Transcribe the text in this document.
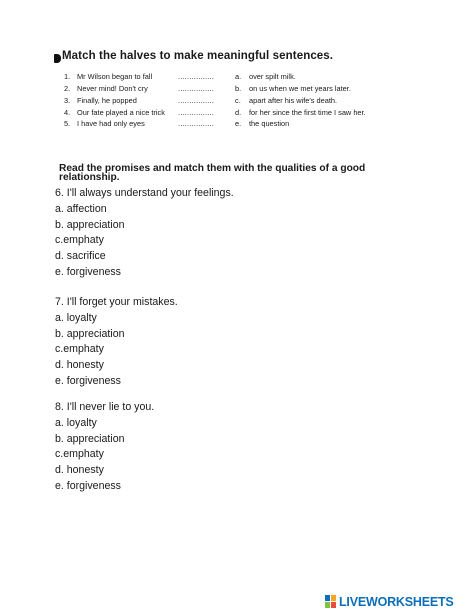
Match the halves to make meaningful sentences.
1. Mr Wilson began to fall	................	a. over spilt milk.
2. Never mind! Don't cry	................	b. on us when we met years later.
3. Finally, he popped	................	c. apart after his wife's death.
4. Our fate played a nice trick ................	d. for her since the first time I saw her.
5. I have had only eyes	................	e. the question
Read the promises and match them with the qualities of a good
relationship.
6. I'll always understand your feelings.
a. affection
b. appreciation
c.emphaty
d. sacrifice
e. forgiveness
7. I'll forget your mistakes.
a. loyalty
b. appreciation
c.emphaty
d. honesty
e. forgiveness
8. I'll never lie to you.
a. loyalty
b. appreciation
c.emphaty
d. honesty
e. forgiveness
LIVEWORKSHEETS
